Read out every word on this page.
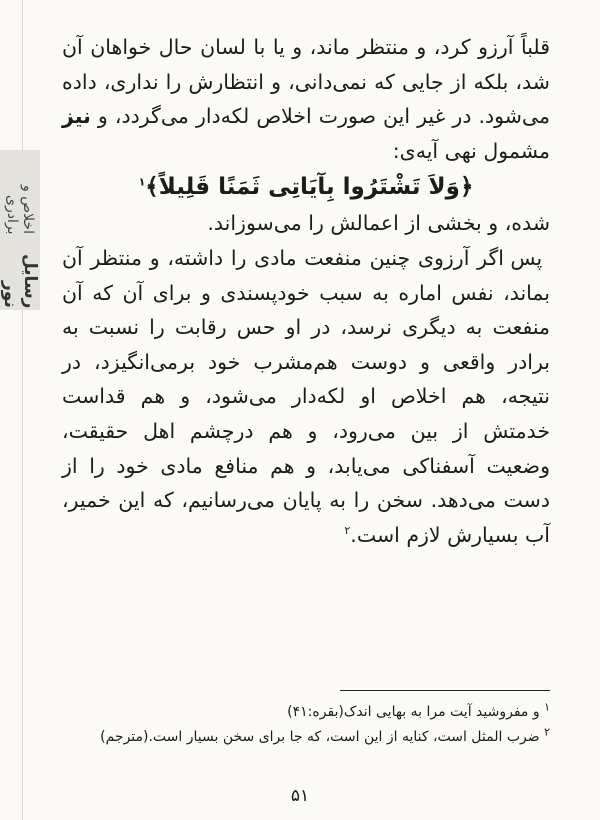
رسایل نور
اخلاص و برادری

قلباً آرزو کرد، و منتظر ماند، و یا با لسان حال خواهان آن شد، بلکه از جایی که نمی‌دانی، و انتظارش را نداری، داده می‌شود. در غیر این صورت اخلاص لکه‌دار می‌گردد، و نیز مشمول نهی آیه‌ی:

﴿وَلاَ تَشْتَرُوا بِآيَاتِى ثَمَنًا قَلِيلاً﴾$^۱$

شده، و بخشی از اعمالش را می‌سوزاند.

پس اگر آرزوی چنین منفعت مادی را داشته، و منتظر آن بماند، نفس اماره به سبب خودپسندی و برای آن که آن منفعت به دیگری نرسد، در او حس رقابت را نسبت به برادر واقعی و دوست هم‌مشرب خود برمی‌انگیزد، در نتیجه، هم اخلاص او لکه‌دار می‌شود، و هم قداست خدمتش از بین می‌رود، و هم درچشم اهل حقیقت، وضعیت آسفناکی می‌یابد، و هم منافع مادی خود را از دست می‌دهد. سخن را به پایان می‌رسانیم، که این خمیر، آب بسیارش لازم است.$^۲$

$^۱$ و مفروشید آیت مرا به بهایی اندک(بقره:۴۱)

$^۲$ ضرب المثل است، کنایه از این است، که جا برای سخن بسیار است.(مترجم)

۵۱
